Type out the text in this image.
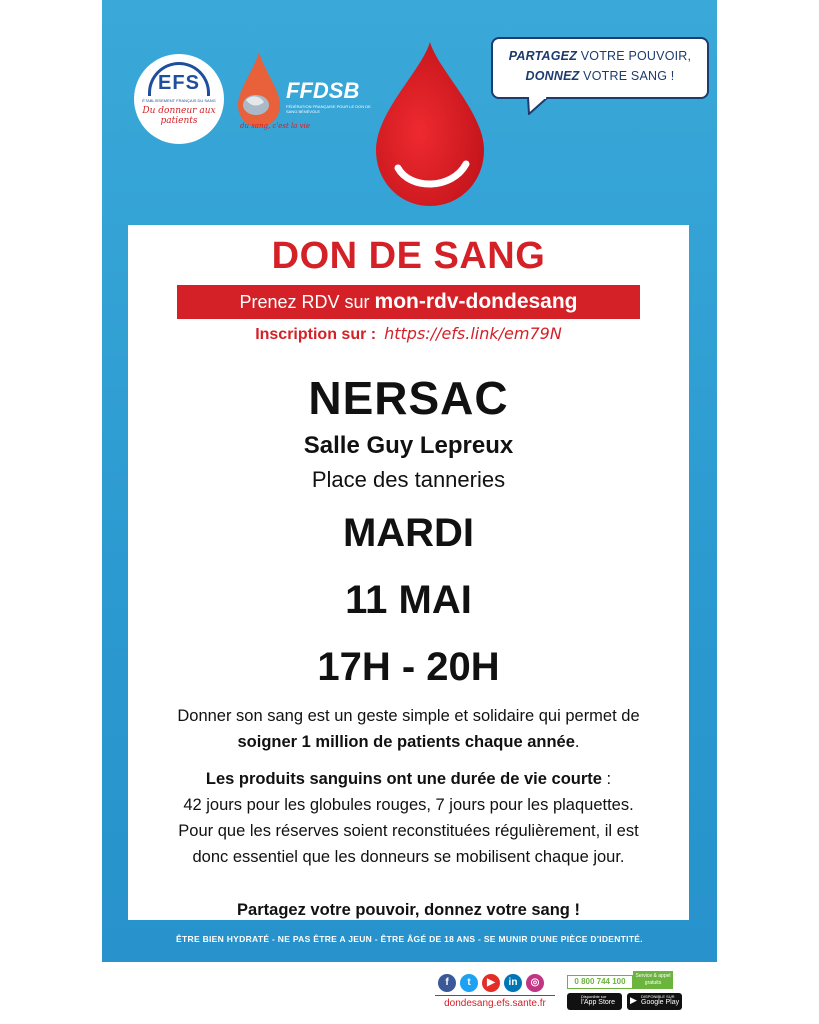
EFS
ÉTABLISSEMENT FRANÇAIS DU SANG
Du donneur aux patients
FFDSB
FÉDÉRATION FRANÇAISE POUR LE DON DE SANG BÉNÉVOLE
du sang, c'est la vie

PARTAGEZ VOTRE POUVOIR,

DONNEZ VOTRE SANG !

DON DE SANG
Prenez RDV sur mon-rdv-dondesang
Inscription sur : https://efs.link/em79N
NERSAC
Salle Guy Lepreux
Place des tanneries
MARDI
11 MAI
17H - 20H
Donner son sang est un geste simple et solidaire qui permet de
soigner 1 million de patients chaque année.
Les produits sanguins ont une durée de vie courte :
42 jours pour les globules rouges, 7 jours pour les plaquettes.
Pour que les réserves soient reconstituées régulièrement, il est
donc essentiel que les donneurs se mobilisent chaque jour.
Partagez votre pouvoir, donnez votre sang !
ÊTRE BIEN HYDRATÉ - NE PAS ÊTRE A JEUN - ÊTRE ÂGÉ DE 18 ANS - SE MUNIR D'UNE PIÈCE D'IDENTITÉ.
f t ▶ in ◎
dondesang.efs.sante.fr
0 800 744 100
Service & appel gratuits
Disponible sur
l'App Store	▶ DISPONIBLE SUR
Google Play
